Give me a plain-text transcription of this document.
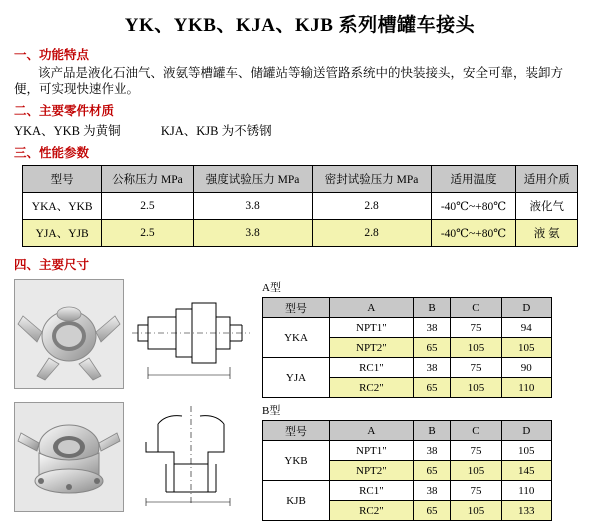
YK、YKB、KJA、KJB 系列槽罐车接头
一、功能特点
该产品是液化石油气、液氨等槽罐车、储罐站等输送管路系统中的快装接头，安全可靠，装卸方便，可实现快速作业。
二、主要零件材质
YKA、YKB 为黄铜	KJA、KJB 为不锈钢
三、性能参数
型号	公称压力 MPa	强度试验压力 MPa	密封试验压力 MPa	适用温度	适用介质
YKA、YKB	2.5	3.8	2.8	-40℃~+80℃	液化气
YJA、YJB	2.5	3.8	2.8	-40℃~+80℃	液 氨
四、主要尺寸
A型
型号	A	B	C	D
YKA	NPT1"	38	75	94
	NPT2"	65	105	105
YJA	RC1"	38	75	90
	RC2"	65	105	110
B型
型号	A	B	C	D
YKB	NPT1"	38	75	105
	NPT2"	65	105	145
KJB	RC1"	38	75	110
	RC2"	65	105	133
